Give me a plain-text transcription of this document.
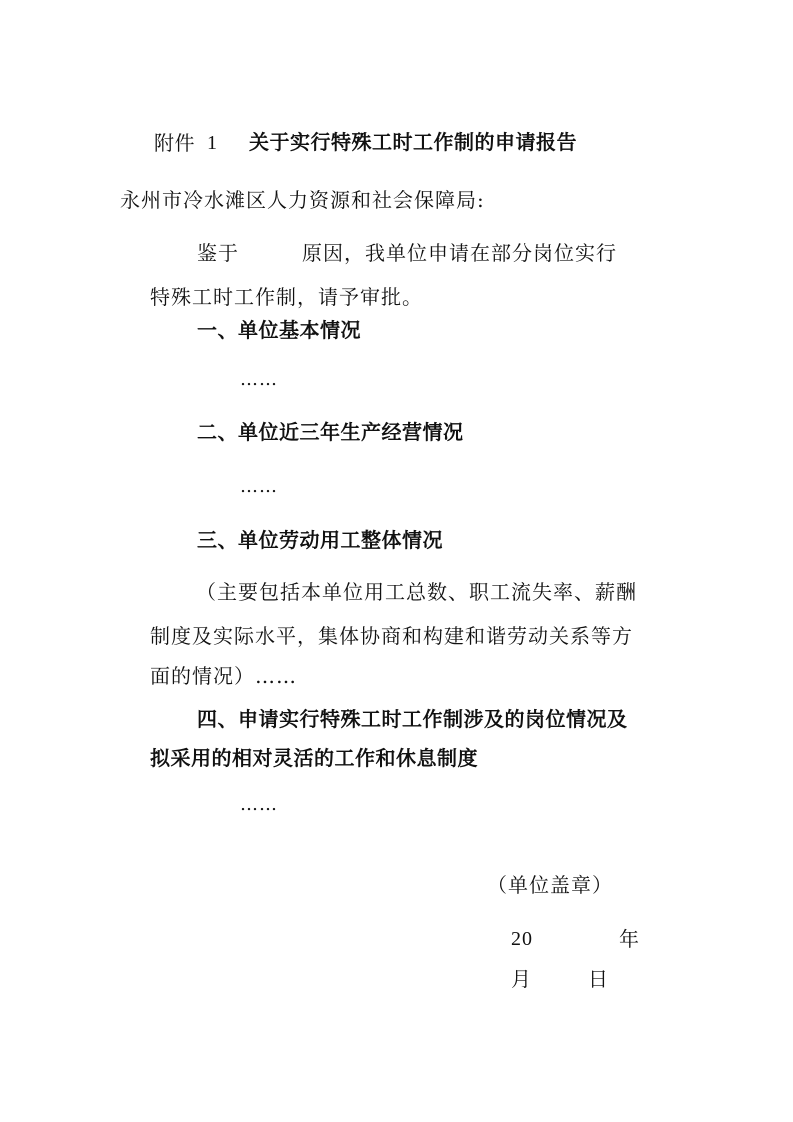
附件 1 关于实行特殊工时工作制的申请报告
永州市冷水滩区人力资源和社会保障局:
鉴于	原因，我单位申请在部分岗位实行
特殊工时工作制，请予审批。
一、单位基本情况
……
二、单位近三年生产经营情况
……
三、单位劳动用工整体情况
（主要包括本单位用工总数、职工流失率、薪酬
制度及实际水平，集体协商和构建和谐劳动关系等方
面的情况）……
四、申请实行特殊工时工作制涉及的岗位情况及
拟采用的相对灵活的工作和休息制度
……
（单位盖章）
20	年
月	日
